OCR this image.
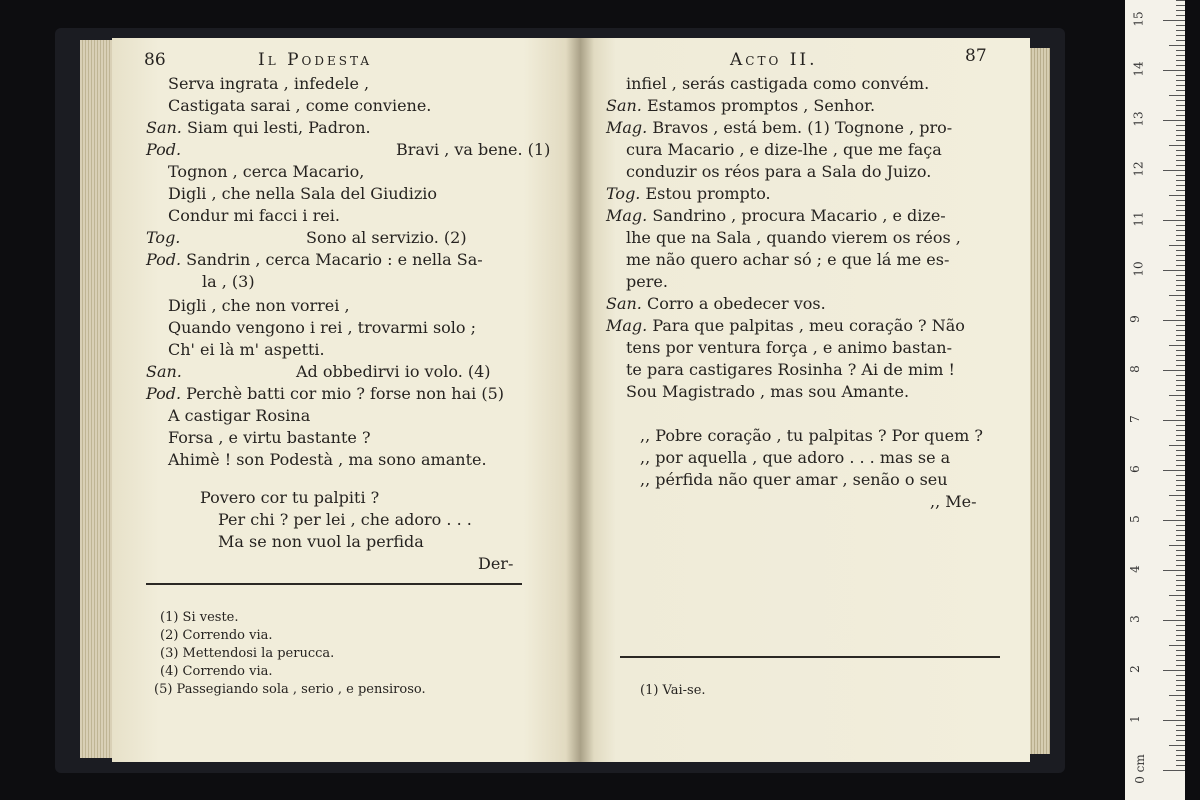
86	Il Podesta
Serva ingrata , infedele ,
Castigata sarai , come conviene.
San. Siam qui lesti, Padron.
Pod.	Bravi , va bene. (1)
Tognon , cerca Macario,
Digli , che nella Sala del Giudizio
Condur mi facci i rei.
Tog.	Sono al servizio. (2)
Pod. Sandrin , cerca Macario : e nella Sa-
la , (3)
Digli , che non vorrei ,
Quando vengono i rei , trovarmi solo ;
Ch' ei là m' aspetti.
San.	Ad obbedirvi io volo. (4)
Pod. Perchè batti cor mio ? forse non hai (5)
A castigar Rosina
Forsa , e virtu bastante ?
Ahimè ! son Podestà , ma sono amante.
Povero cor tu palpiti ?
Per chi ? per lei , che adoro . . .
Ma se non vuol la perfida
Der-
(1) Si veste.
(2) Correndo via.
(3) Mettendosi la perucca.
(4) Correndo via.
(5) Passegiando sola , serio , e pensiroso.
Acto II.	87
infiel , serás castigada como convém.
San. Estamos promptos , Senhor.
Mag. Bravos , está bem. (1) Tognone , pro-
cura Macario , e dize-lhe , que me faça
conduzir os réos para a Sala do Juizo.
Tog. Estou prompto.
Mag. Sandrino , procura Macario , e dize-
lhe que na Sala , quando vierem os réos ,
me não quero achar só ; e que lá me es-
pere.
San. Corro a obedecer vos.
Mag. Para que palpitas , meu coração ? Não
tens por ventura força , e animo bastan-
te para castigares Rosinha ? Ai de mim !
Sou Magistrado , mas sou Amante.
,, Pobre coração , tu palpitas ? Por quem ?
,, por aquella , que adoro . . . mas se a
,, pérfida não quer amar , senão o seu
,, Me-
(1) Vai-se.
0 cm
1
2
3
4
5
6
7
8
9
10
11
12
13
14
15
